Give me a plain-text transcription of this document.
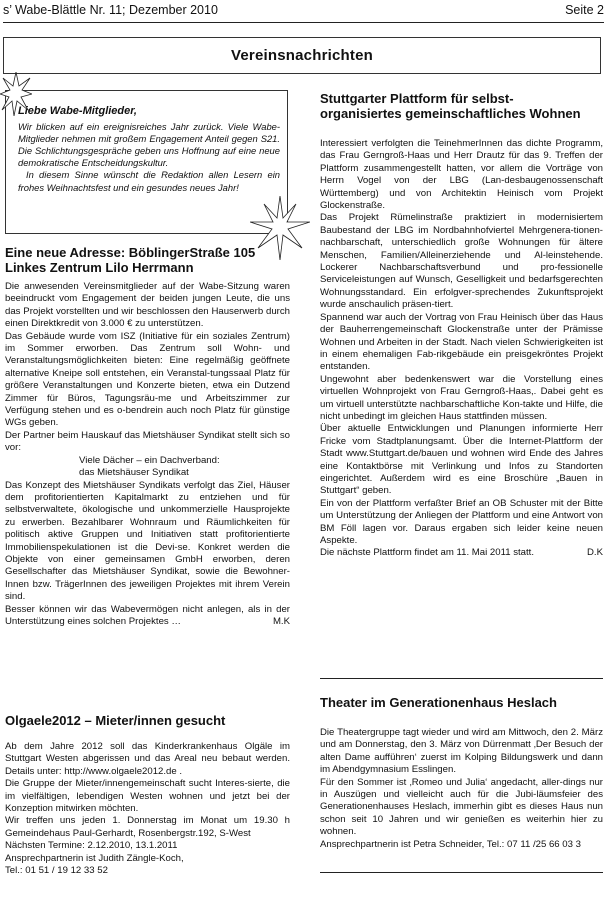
s’ Wabe-Blättle Nr. 11; Dezember 2010	Seite 2
Vereinsnachrichten
Liebe Wabe-Mitglieder,

Wir blicken auf ein ereignisreiches Jahr zurück. Viele Wabe-Mitglieder nehmen mit großem Engagement Anteil gegen S21. Die Schlichtungsgespräche geben uns Hoffnung auf eine neue demokratische Entscheidungskultur.

In diesem Sinne wünscht die Redaktion allen Lesern ein frohes Weihnachtsfest und ein gesundes neues Jahr!

Eine neue Adresse: BöblingerStraße 105
Linkes Zentrum Lilo Herrmann

Die anwesenden Vereinsmitglieder auf der Wabe-Sitzung waren beeindruckt vom Engagement der beiden jungen Leute, die uns das Projekt vorstellten und wir beschlossen den Hauserwerb durch einen Direktkredit von 3.000 € zu unterstützen.

Das Gebäude wurde vom ISZ (Initiative für ein soziales Zentrum) im Sommer erworben. Das Zentrum soll Wohn- und Veranstaltungsmöglichkeiten bieten: Eine regelmäßig geöffnete alternative Kneipe soll entstehen, ein Veranstal-tungssaal Platz für größere Veranstaltungen und Konzerte bieten, etwa ein Dutzend Zimmer für Büros, Tagungsräu-me und Arbeitszimmer zur Verfügung stehen und es o-bendrein auch noch Platz für günstige WGs geben.

Der Partner beim Hauskauf das Mietshäuser Syndikat stellt sich so vor:

Viele Dächer – ein Dachverband:

das Mietshäuser Syndikat

Das Konzept des Mietshäuser Syndikats verfolgt das Ziel, Häuser dem profitorientierten Kapitalmarkt zu entziehen und für selbstverwaltete, ökologische und unkommerzielle Hausprojekte zu erwerben. Bezahlbarer Wohnraum und Räumlichkeiten für politisch aktive Gruppen und Initiativen statt profitorientierte Immobilienspekulationen ist die Devi-se. Konkret werden die Objekte von einer gemeinsamen GmbH erworben, deren Gesellschafter das Mietshäuser Syndikat, sowie die Bewohner-Innen bzw. TrägerInnen des jeweiligen Projektes mit ihrem Verein sind.

Besser können wir das Wabevermögen nicht anlegen, als in der Unterstützung eines solchen Projektes …	M.K

Olgaele2012 – Mieter/innen gesucht

Ab dem Jahre 2012 soll das Kinderkrankenhaus Olgäle im Stuttgart Westen abgerissen und das Areal neu bebaut werden. Details unter: http://www.olgaele2012.de .

Die Gruppe der Mieter/innengemeinschaft sucht Interes-sierte, die im vielfältigen, lebendigen Westen wohnen und jetzt bei der Konzeption mitwirken möchten.

Wir treffen uns jeden 1. Donnerstag im Monat um 19.30 h Gemeindehaus Paul-Gerhardt, Rosenbergstr.192, S-West

Nächsten Termine: 2.12.2010, 13.1.2011

Ansprechpartnerin ist Judith Zängle-Koch,

Tel.: 01 51 / 19 12 33 52

Stuttgarter Plattform für selbst-
organisiertes gemeinschaftliches Wohnen

Interessiert verfolgten die TeinehmerInnen das dichte Programm, das Frau Gerngroß-Haas und Herr Drautz für das 9. Treffen der Plattform zusammengestellt hatten, vor allem die Vorträge von Herrn Vogel von der LBG (Lan-desbaugenossenschaft Württemberg) und von Architektin Heinisch vom Projekt Glockenstraße.

Das Projekt Rümelinstraße praktiziert in modernisiertem Baubestand der LBG im Nordbahnhofviertel Mehrgenera-tionen-nachbarschaft, unterschiedlich große Wohnungen für ältere Menschen, Familien/Alleinerziehende und Al-leinstehende. Lockerer Nachbarschaftsverbund und pro-fessionelle Serviceleistungen auf Wunsch, Geselligkeit und bedarfsgerechten Wohnungsstandard. Ein erfolgver-sprechendes Zukunftsprojekt wurde anschaulich präsen-tiert.

Spannend war auch der Vortrag von Frau Heinisch über das Haus der Bauherrengemeinschaft Glockenstraße unter der Prämisse Wohnen und Arbeiten in der Stadt. Nach vielen Schwierigkeiten ist in einem ehemaligen Fab-rikgebäude ein preisgekröntes Projekt entstanden.

Ungewohnt aber bedenkenswert war die Vorstellung eines virtuellen Wohnprojekt von Frau Gerngroß-Haas,. Dabei geht es um virtuell unterstützte nachbarschaftliche Kon-takte und Hilfe, die nicht unbedingt im gleichen Haus stattfinden müssen.

Über aktuelle Entwicklungen und Planungen informierte Herr Fricke vom Stadtplanungsamt. Über die Internet-Plattform der Stadt www.Stuttgart.de/bauen und wohnen wird Ende des Jahres eine Kontaktbörse mit Verlinkung und Infos zu Standorten eingerichtet. Außerdem wird es eine Broschüre „Bauen in Stuttgart“ geben.

Ein von der Plattform verfaßter Brief an OB Schuster mit der Bitte um Unterstützung der Anliegen der Plattform und eine Antwort von BM Föll lagen vor. Daraus ergaben sich leider keine neuen Aspekte.

Die nächste Plattform findet am 11. Mai 2011 statt.	D.K

Theater im Generationenhaus Heslach

Die Theatergruppe tagt wieder und wird am Mittwoch, den 2. März und am Donnerstag, den 3. März von Dürrenmatt ‚Der Besuch der alten Dame aufführen‘ zuerst im Kolping Bildungswerk und dann im Abendgymnasium Esslingen.

Für den Sommer ist ‚Romeo und Julia‘ angedacht, aller-dings nur in Auszügen und vielleicht auch für die Jubi-läumsfeier des Generationenhauses Heslach, immerhin gibt es dieses Haus nun schon seit 10 Jahren und wir genießen es weiterhin hier zu wohnen.

Ansprechpartnerin ist Petra Schneider, Tel.: 07 11 /25 66 03 3
